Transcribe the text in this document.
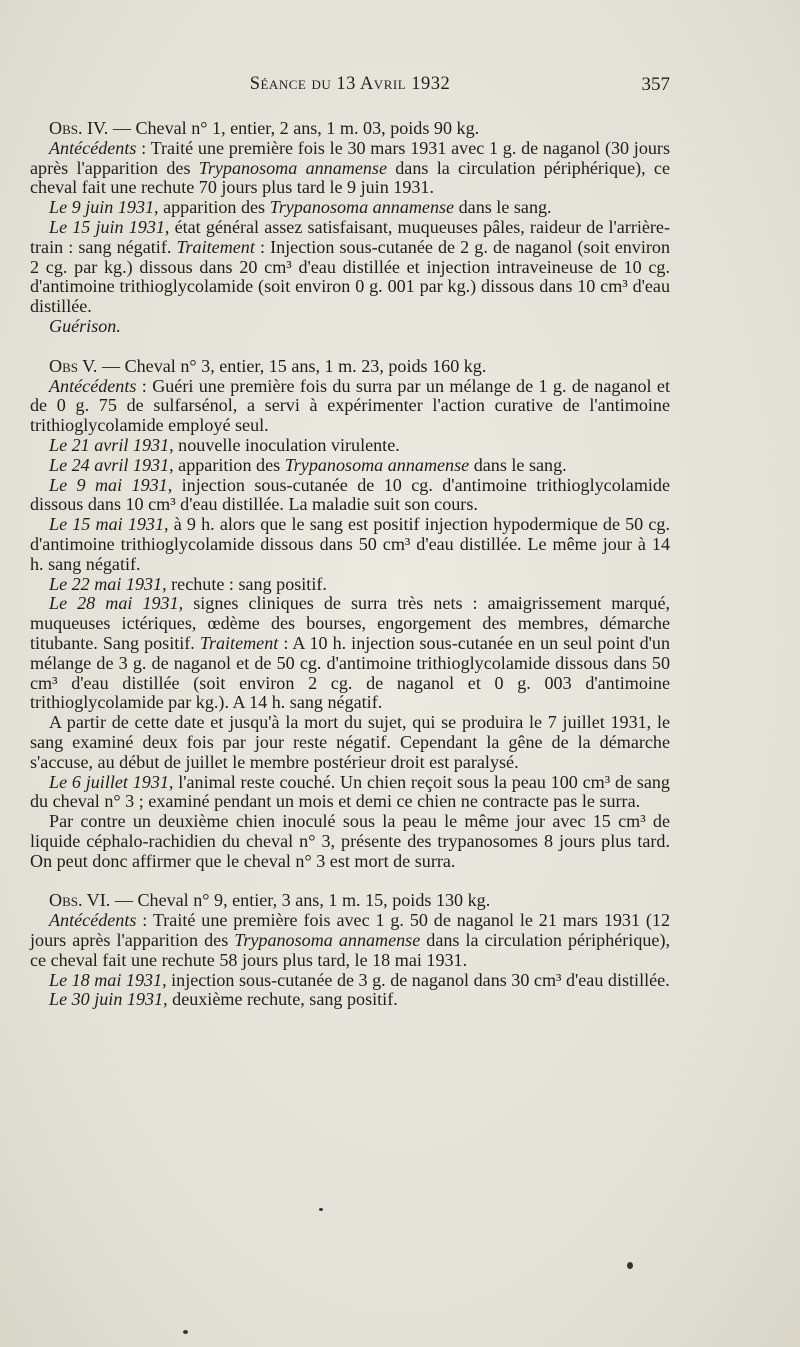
Séance du 13 Avril 1932	357

Obs. IV. — Cheval n° 1, entier, 2 ans, 1 m. 03, poids 90 kg.

Antécédents : Traité une première fois le 30 mars 1931 avec 1 g. de naganol (30 jours après l'apparition des Trypanosoma annamense dans la circulation périphérique), ce cheval fait une rechute 70 jours plus tard le 9 juin 1931.

Le 9 juin 1931, apparition des Trypanosoma annamense dans le sang.

Le 15 juin 1931, état général assez satisfaisant, muqueuses pâles, raideur de l'arrière-train : sang négatif. Traitement : Injection sous-cutanée de 2 g. de naganol (soit environ 2 cg. par kg.) dissous dans 20 cm³ d'eau distillée et injection intraveineuse de 10 cg. d'antimoine trithioglycolamide (soit environ 0 g. 001 par kg.) dissous dans 10 cm³ d'eau distillée.

Guérison.

Obs V. — Cheval n° 3, entier, 15 ans, 1 m. 23, poids 160 kg.

Antécédents : Guéri une première fois du surra par un mélange de 1 g. de naganol et de 0 g. 75 de sulfarsénol, a servi à expérimenter l'action curative de l'antimoine trithioglycolamide employé seul.

Le 21 avril 1931, nouvelle inoculation virulente.

Le 24 avril 1931, apparition des Trypanosoma annamense dans le sang.

Le 9 mai 1931, injection sous-cutanée de 10 cg. d'antimoine trithioglycolamide dissous dans 10 cm³ d'eau distillée. La maladie suit son cours.

Le 15 mai 1931, à 9 h. alors que le sang est positif injection hypodermique de 50 cg. d'antimoine trithioglycolamide dissous dans 50 cm³ d'eau distillée. Le même jour à 14 h. sang négatif.

Le 22 mai 1931, rechute : sang positif.

Le 28 mai 1931, signes cliniques de surra très nets : amaigrissement marqué, muqueuses ictériques, œdème des bourses, engorgement des membres, démarche titubante. Sang positif. Traitement : A 10 h. injection sous-cutanée en un seul point d'un mélange de 3 g. de naganol et de 50 cg. d'antimoine trithioglycolamide dissous dans 50 cm³ d'eau distillée (soit environ 2 cg. de naganol et 0 g. 003 d'antimoine trithioglycolamide par kg.). A 14 h. sang négatif.

A partir de cette date et jusqu'à la mort du sujet, qui se produira le 7 juillet 1931, le sang examiné deux fois par jour reste négatif. Cependant la gêne de la démarche s'accuse, au début de juillet le membre postérieur droit est paralysé.

Le 6 juillet 1931, l'animal reste couché. Un chien reçoit sous la peau 100 cm³ de sang du cheval n° 3 ; examiné pendant un mois et demi ce chien ne contracte pas le surra.

Par contre un deuxième chien inoculé sous la peau le même jour avec 15 cm³ de liquide céphalo-rachidien du cheval n° 3, présente des trypanosomes 8 jours plus tard. On peut donc affirmer que le cheval n° 3 est mort de surra.

Obs. VI. — Cheval n° 9, entier, 3 ans, 1 m. 15, poids 130 kg.

Antécédents : Traité une première fois avec 1 g. 50 de naganol le 21 mars 1931 (12 jours après l'apparition des Trypanosoma annamense dans la circulation périphérique), ce cheval fait une rechute 58 jours plus tard, le 18 mai 1931.

Le 18 mai 1931, injection sous-cutanée de 3 g. de naganol dans 30 cm³ d'eau distillée.

Le 30 juin 1931, deuxième rechute, sang positif.
